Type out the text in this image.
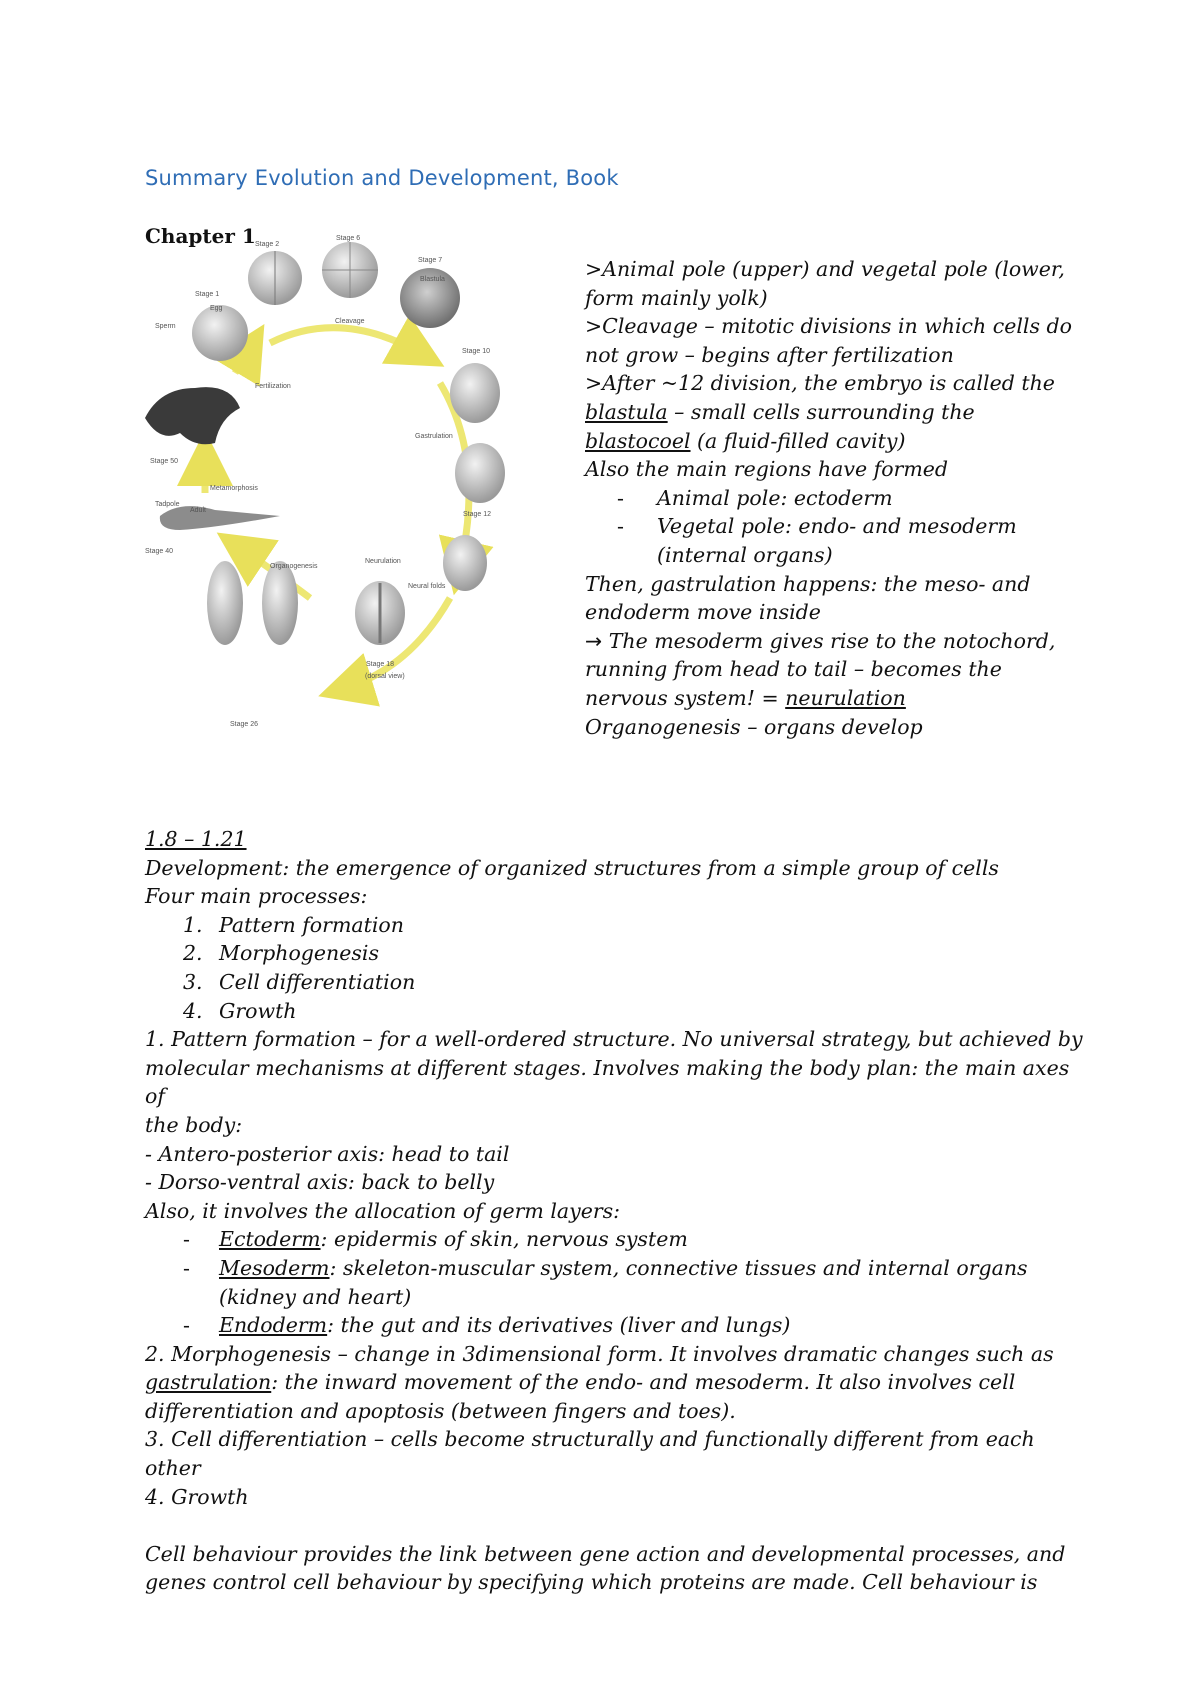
Summary Evolution and Development, Book
Chapter 1
Stage 1
Stage 2
Stage 6
Stage 7
Stage 10
Stage 12
Stage 18
Stage 40
Stage 50
Stage 26
Cleavage
Fertilization
Gastrulation
Neurulation
Organogenesis
Metamorphosis
Egg
Sperm
Blastula
Adult
Tadpole
Neural folds
(dorsal view)

>Animal pole (upper) and vegetal pole (lower,

form mainly yolk)

>Cleavage – mitotic divisions in which cells do

not grow – begins after fertilization

>After ~12 division, the embryo is called the

blastula – small cells surrounding the

blastocoel (a fluid-filled cavity)

Also the main regions have formed

-	Animal pole: ectoderm
-	Vegetal pole: endo- and mesoderm
(internal organs)

Then, gastrulation happens: the meso- and

endoderm move inside

→ The mesoderm gives rise to the notochord,

running from head to tail – becomes the

nervous system! = neurulation

Organogenesis – organs develop

1.8 – 1.21

Development: the emergence of organized structures from a simple group of cells

Four main processes:

1. Pattern formation
2. Morphogenesis
3. Cell differentiation
4. Growth

1. Pattern formation – for a well-ordered structure. No universal strategy, but achieved by

molecular mechanisms at different stages. Involves making the body plan: the main axes of

the body:

- Antero-posterior axis: head to tail

- Dorso-ventral axis: back to belly

Also, it involves the allocation of germ layers:

-	Ectoderm: epidermis of skin, nervous system
-	Mesoderm: skeleton-muscular system, connective tissues and internal organs
(kidney and heart)
-	Endoderm: the gut and its derivatives (liver and lungs)

2. Morphogenesis – change in 3dimensional form. It involves dramatic changes such as

gastrulation: the inward movement of the endo- and mesoderm. It also involves cell

differentiation and apoptosis (between fingers and toes).

3. Cell differentiation – cells become structurally and functionally different from each other

4. Growth

Cell behaviour provides the link between gene action and developmental processes, and

genes control cell behaviour by specifying which proteins are made. Cell behaviour is
